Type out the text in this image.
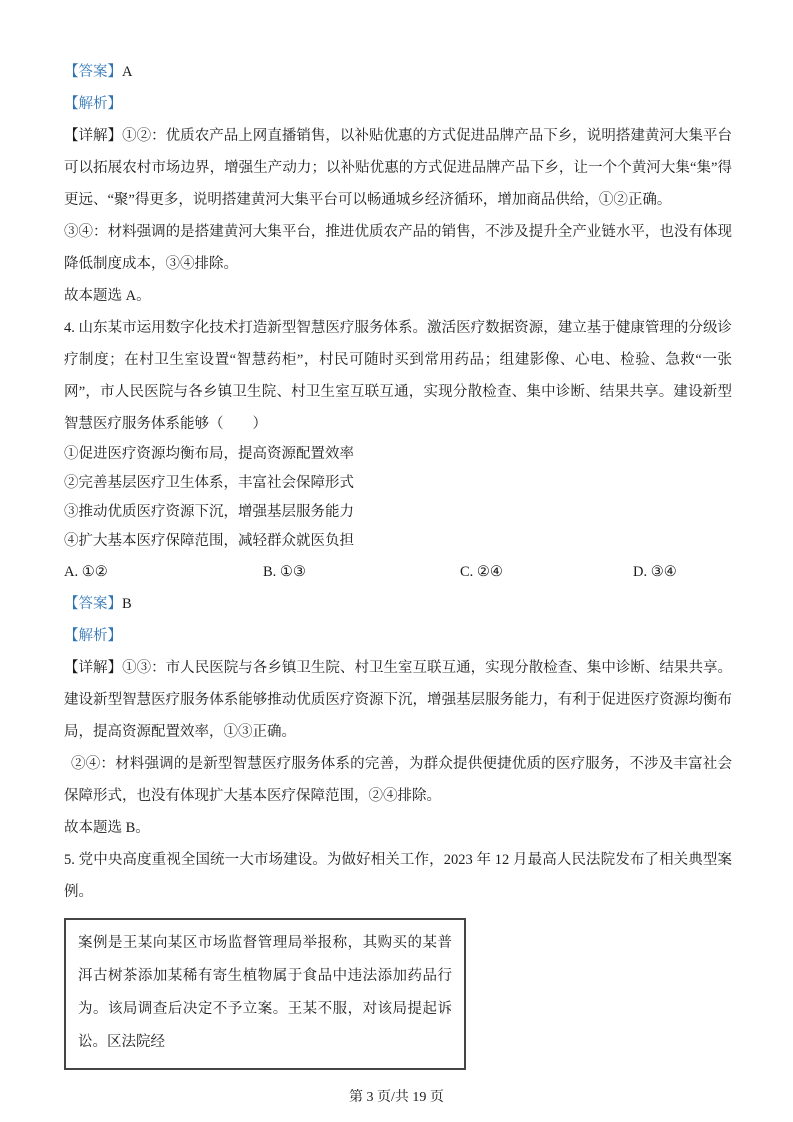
【答案】A

【解析】

【详解】①②：优质农产品上网直播销售，以补贴优惠的方式促进品牌产品下乡，说明搭建黄河大集平台可以拓展农村市场边界，增强生产动力；以补贴优惠的方式促进品牌产品下乡，让一个个黄河大集“集”得更远、“聚”得更多，说明搭建黄河大集平台可以畅通城乡经济循环，增加商品供给，①②正确。

③④：材料强调的是搭建黄河大集平台，推进优质农产品的销售，不涉及提升全产业链水平，也没有体现降低制度成本，③④排除。

故本题选 A。

4. 山东某市运用数字化技术打造新型智慧医疗服务体系。激活医疗数据资源，建立基于健康管理的分级诊疗制度；在村卫生室设置“智慧药柜”，村民可随时买到常用药品；组建影像、心电、检验、急救“一张网”，市人民医院与各乡镇卫生院、村卫生室互联互通，实现分散检查、集中诊断、结果共享。建设新型智慧医疗服务体系能够（　　）

①促进医疗资源均衡布局，提高资源配置效率

②完善基层医疗卫生体系，丰富社会保障形式

③推动优质医疗资源下沉，增强基层服务能力

④扩大基本医疗保障范围，减轻群众就医负担

A. ①②	B. ①③	C. ②④	D. ③④

【答案】B

【解析】

【详解】①③：市人民医院与各乡镇卫生院、村卫生室互联互通，实现分散检查、集中诊断、结果共享。建设新型智慧医疗服务体系能够推动优质医疗资源下沉，增强基层服务能力，有利于促进医疗资源均衡布局，提高资源配置效率，①③正确。

②④：材料强调的是新型智慧医疗服务体系的完善，为群众提供便捷优质的医疗服务，不涉及丰富社会保障形式，也没有体现扩大基本医疗保障范围，②④排除。

故本题选 B。

5. 党中央高度重视全国统一大市场建设。为做好相关工作，2023 年 12 月最高人民法院发布了相关典型案例。

案例是王某向某区市场监督管理局举报称，其购买的某普洱古树茶添加某稀有寄生植物属于食品中违法添加药品行为。该局调查后决定不予立案。王某不服，对该局提起诉讼。区法院经

第 3 页/共 19 页
